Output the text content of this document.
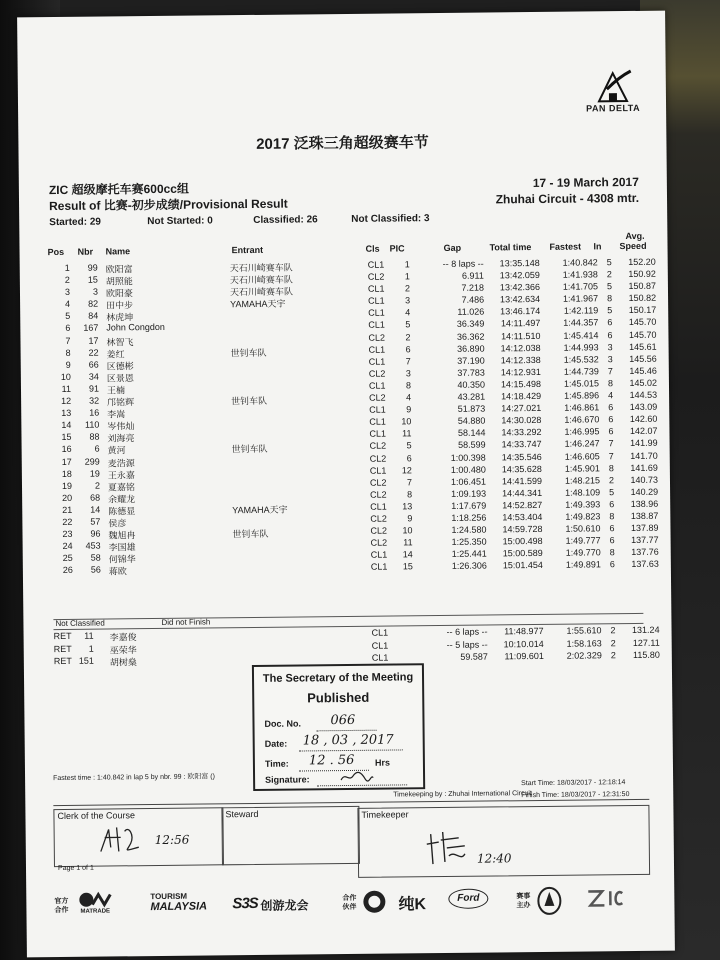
PAN DELTA
2017 泛珠三角超级赛车节
ZIC 超级摩托车赛600cc组
Result of 比赛-初步成绩/Provisional Result
17 - 19 March 2017
Zhuhai Circuit - 4308 mtr.
Started: 29	Not Started: 0	Classified: 26	Not Classified: 3
Pos Nbr Name	Entrant	Cls PIC	Gap	Total time Fastest In
Avg.
Speed
1	99 欧阳富	天石川崎赛车队	CL1	1	-- 8 laps --	13:35.148	1:40.842 5	152.20
2	15 胡照能	天石川崎赛车队	CL2	1	6.911	13:42.059	1:41.938 2	150.92
3	3 欧阳豪	天石川崎赛车队	CL1	2	7.218	13:42.366	1:41.705 5	150.87
4	82 田中步	YAMAHA天宇	CL1	3	7.486	13:42.634	1:41.967 8	150.82
5	84 林虎坤	CL1	4	11.026	13:46.174	1:42.119 5	150.17
6	167 John Congdon	CL1	5	36.349	14:11.497	1:44.357 6	145.70
7	17 林智飞	CL2	2	36.362	14:11.510	1:45.414 6	145.70
8	22 姜红	世钊车队	CL1	6	36.890	14:12.038	1:44.993 3	145.61
9	66 区德彬	CL1	7	37.190	14:12.338	1:45.532 3	145.56
10	34 区景恩	CL2	3	37.783	14:12.931	1:44.739 7	145.46
11	91 王楠	CL1	8	40.350	14:15.498	1:45.015 8	145.02
12	32 邝铭辉	世钊车队	CL2	4	43.281	14:18.429	1:45.896 4	144.53
13	16 李嵩	CL1	9	51.873	14:27.021	1:46.861 6	143.09
14	110 岑伟灿	CL1	10	54.880	14:30.028	1:46.670 6	142.60
15	88 刘海亮	CL1	11	58.144	14:33.292	1:46.995 6	142.07
16	6 黄河	世钊车队	CL2	5	58.599	14:33.747	1:46.247 7	141.99
17	299 麦浩源	CL2	6	1:00.398	14:35.546	1:46.605 7	141.70
18	19 王永嘉	CL1	12	1:00.480	14:35.628	1:45.901 8	141.69
19	2 夏嘉铭	CL2	7	1:06.451	14:41.599	1:48.215 2	140.73
20	68 余耀龙	CL2	8	1:09.193	14:44.341	1:48.109 5	140.29
21	14 陈德显	YAMAHA天宇	CL1	13	1:17.679	14:52.827	1:49.393 6	138.96
22	57 侯彦	CL2	9	1:18.256	14:53.404	1:49.823 8	138.87
23	96 魏旭冉	世钊车队	CL2	10	1:24.580	14:59.728	1:50.610 6	137.89
24	453 李国雄	CL2	11	1:25.350	15:00.498	1:49.777 6	137.77
25	58 何锦华	CL1	14	1:25.441	15:00.589	1:49.770 8	137.76
26	56 蒋欧	CL1	15	1:26.306	15:01.454	1:49.891 6	137.63
Not Classified	Did not Finish
RET	11 李嘉俊	CL1	-- 6 laps --	11:48.977	1:55.610 2	131.24
RET	1 巫荣华	CL1	-- 5 laps --	10:10.014	1:58.163 2	127.11
RET 151 胡树燊	CL1	59.587	11:09.601	2:02.329 2	115.80
The Secretary of the Meeting
Published
Doc. No. 066
Date: 18 , 03 , 2017
Time: 12 . 56 Hrs
Signature:
Fastest time : 1:40.842 in lap 5 by nbr. 99 : 欧阳富 ()
Start Time: 18/03/2017 - 12:18:14
Finish Time: 18/03/2017 - 12:31:50
Timekeeping by : Zhuhai International Circuit
Clerk of the Course
12:56
Steward	Timekeeper
12:40
Page 1 of 1
官方合作 MATRADE
TOURISM
MALAYSIA S3S 创游龙会	合作伙伴	纯K	Ford	赛事主办
